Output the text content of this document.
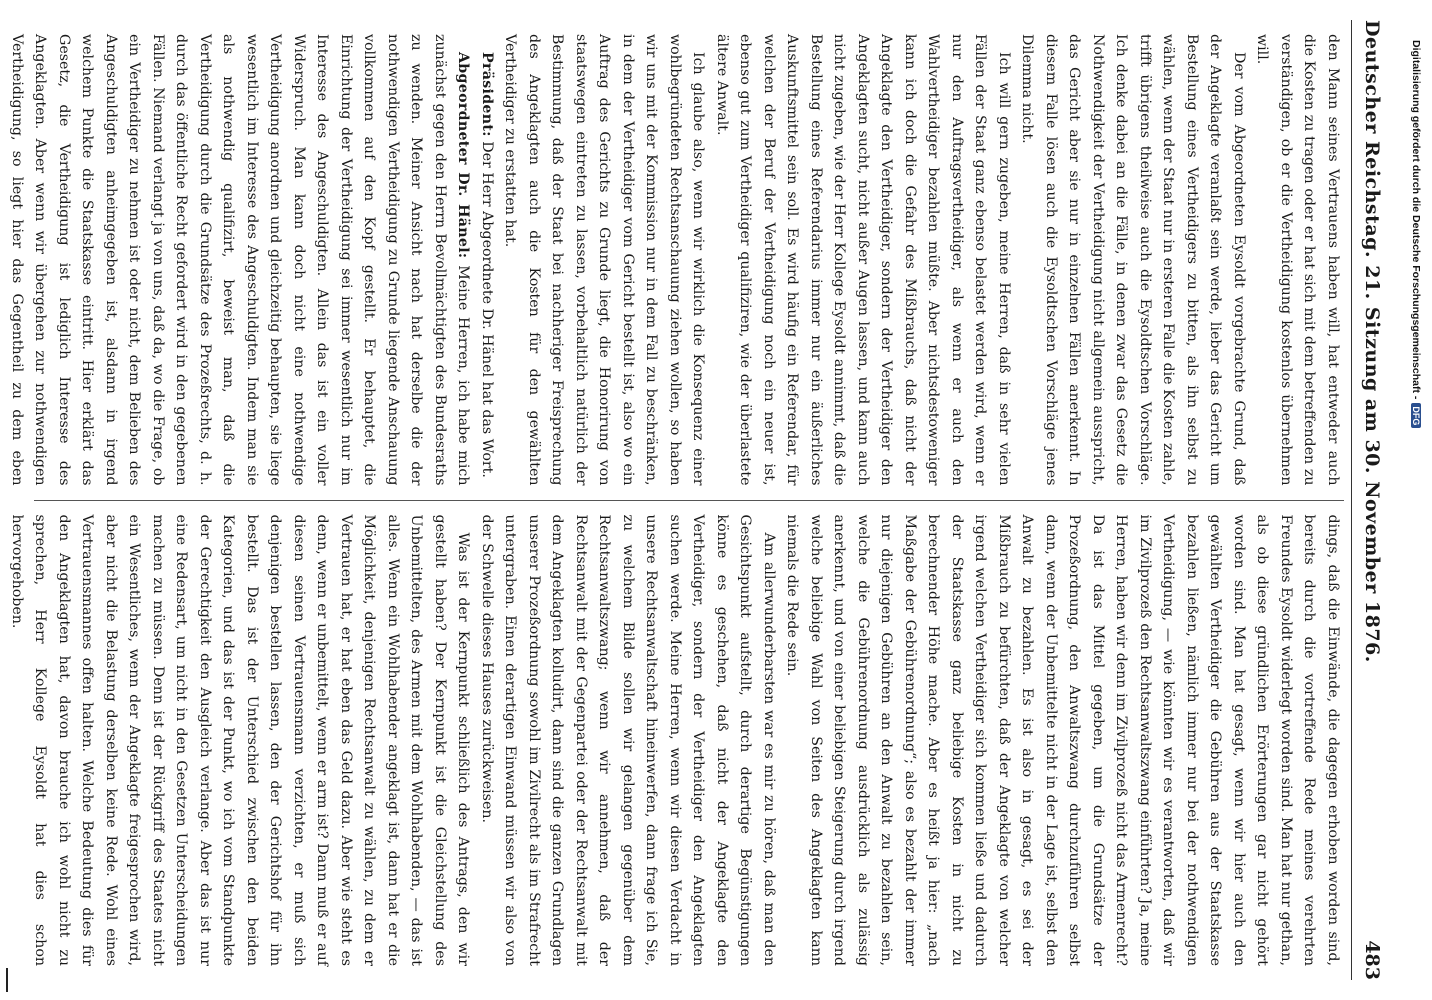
Deutscher Reichstag. 21. Sitzung am 30. November 1876.
483

den Mann seines Vertrauens haben will, hat entweder auch die Kosten zu tragen oder er hat sich mit dem betreffenden zu verständigen, ob er die Vertheidigung kostenlos übernehmen will.

Der vom Abgeordneten Eysoldt vorgebrachte Grund, daß der Angeklagte veranlaßt sein werde, lieber das Gericht um Bestellung eines Vertheidigers zu bitten, als ihn selbst zu wählen, wenn der Staat nur in ersteren Falle die Kosten zahle, trifft übrigens theilweise auch die Eysoldtschen Vorschläge. Ich denke dabei an die Fälle, in denen zwar das Gesetz die Nothwendigkeit der Vertheidigung nicht allgemein ausspricht, das Gericht aber sie nur in einzelnen Fällen anerkennt. In diesem Falle lösen auch die Eysoldtschen Vorschläge jenes Dilemma nicht.

Ich will gern zugeben, meine Herren, daß in sehr vielen Fällen der Staat ganz ebenso belastet werden wird, wenn er nur den Auftragsvertheidiger, als wenn er auch den Wahlvertheidiger bezahlen müßte. Aber nichtsdestoweniger kann ich doch die Gefahr des Mißbrauchs, daß nicht der Angeklagte den Vertheidiger, sondern der Vertheidiger den Angeklagten sucht, nicht außer Augen lassen, und kann auch nicht zugeben, wie der Herr Kollege Eysoldt annimmt, daß die Bestellung eines Referendarius immer nur ein äußerliches Auskunftsmittel sein soll. Es wird häufig ein Referendar, für welchen der Beruf der Vertheidigung noch ein neuer ist, ebenso gut zum Vertheidiger qualifiziren, wie der überlastete ältere Anwalt.

Ich glaube also, wenn wir wirklich die Konsequenz einer wohlbegründeten Rechtsanschauung ziehen wollen, so haben wir uns mit der Kommission nur in dem Fall zu beschränken, in dem der Vertheidiger vom Gericht bestellt ist, also wo ein Auftrag des Gerichts zu Grunde liegt, die Honorirung von staatswegen eintreten zu lassen, vorbehaltlich natürlich der Bestimmung, daß der Staat bei nachheriger Freisprechung des Angeklagten auch die Kosten für den gewählten Vertheidiger zu erstatten hat.

Präsident: Der Herr Abgeordnete Dr. Hänel hat das Wort.

Abgeordneter Dr. Hänel: Meine Herren, ich habe mich zunächst gegen den Herrn Bevollmächtigten des Bundesraths zu wenden. Meiner Ansicht nach hat derselbe die der nothwendigen Vertheidigung zu Grunde liegende Anschauung vollkommen auf den Kopf gestellt. Er behauptet, die Einrichtung der Vertheidigung sei immer wesentlich nur im Interesse des Angeschuldigten. Allein das ist ein voller Widerspruch. Man kann doch nicht eine nothwendige Vertheidigung anordnen und gleichzeitig behaupten, sie liege wesentlich im Interesse des Angeschuldigten. Indem man sie als nothwendig qualifizirt, beweist man, daß die Vertheidigung durch die Grundsätze des Prozeßrechts, d. h. durch das öffentliche Recht gefordert wird in den gegebenen Fällen. Niemand verlangt ja von uns, daß da, wo die Frage, ob ein Vertheidiger zu nehmen ist oder nicht, dem Belieben des Angeschuldigten anheimgegeben ist, alsdann in irgend welchem Punkte die Staatskasse eintritt. Hier erklärt das Gesetz, die Vertheidigung ist lediglich Interesse des Angeklagten. Aber wenn wir übergehen zur nothwendigen Vertheidigung, so liegt hier das Gegentheil zu dem eben

dings, daß die Einwände, die dagegen erhoben worden sind, bereits durch die vortreffende Rede meines verehrten Freundes Eysoldt widerlegt worden sind. Man hat nur gethan, als ob diese gründlichen Erörterungen gar nicht gehört worden sind. Man hat gesagt, wenn wir hier auch den gewählten Vertheidiger die Gebühren aus der Staatskasse bezahlen ließen, nämlich immer nur bei der nothwendigen Vertheidigung, — wie könnten wir es verantworten, daß wir im Zivilprozeß den Rechtsanwaltszwang einführten? Ja, meine Herren, haben wir denn im Zivilprozeß nicht das Armenrecht? Da ist das Mittel gegeben, um die Grundsätze der Prozeßordnung, den Anwaltszwang durchzuführen selbst dann, wenn der Unbemittelte nicht in der Lage ist, selbst den Anwalt zu bezahlen. Es ist also in gesagt, es sei der Mißbrauch zu befürchten, daß der Angeklagte von welcher irgend welchen Vertheidiger sich kommen ließe und dadurch der Staatskasse ganz beliebige Kosten in nicht zu berechnender Höhe mache. Aber es heißt ja hier: „nach Maßgabe der Gebührenordnung“; also es bezahlt der immer nur diejenigen Gebühren an den Anwalt zu bezahlen sein, welche die Gebührenordnung ausdrücklich als zulässig anerkennt, und von einer beliebigen Steigerung durch irgend welche beliebige Wahl von Seiten des Angeklagten kann niemals die Rede sein.

Am allerwunderbarsten war es mir zu hören, daß man den Gesichtspunkt aufstellt, durch derartige Begünstigungen könne es geschehen, daß nicht der Angeklagte den Vertheidiger, sondern der Vertheidiger den Angeklagten suchen werde. Meine Herren, wenn wir diesen Verdacht in unsere Rechtsanwaltschaft hineinwerfen, dann frage ich Sie, zu welchem Bilde sollen wir gelangen gegenüber dem Rechtsanwaltszwang; wenn wir annehmen, daß der Rechtsanwalt mit der Gegenpartei oder der Rechtsanwalt mit dem Angeklagten kolludirt, dann sind die ganzen Grundlagen unserer Prozeßordnung sowohl im Zivilrecht als im Strafrecht untergraben. Einen derartigen Einwand müssen wir also von der Schwelle dieses Hauses zurückweisen.

Was ist der Kernpunkt schließlich des Antrags, den wir gestellt haben? Der Kernpunkt ist die Gleichstellung des Unbemittelten, des Armen mit dem Wohlhabenden, — das ist alles. Wenn ein Wohlhabender angeklagt ist, dann hat er die Möglichkeit, denjenigen Rechtsanwalt zu wählen, zu dem er Vertrauen hat, er hat eben das Geld dazu. Aber wie steht es denn, wenn er unbemittelt, wenn er arm ist? Dann muß er auf diesen seinen Vertrauensmann verzichten, er muß sich denjenigen bestellen lassen, den der Gerichtshof für ihn bestellt. Das ist der Unterschied zwischen den beiden Kategorien, und das ist der Punkt, wo ich vom Standpunkte der Gerechtigkeit den Ausgleich verlange. Aber das ist nur eine Redensart, um nicht in den Gesetzen Unterscheidungen machen zu müssen. Denn ist der Rückgriff des Staates nicht ein Wesentliches, wenn der Angeklagte freigesprochen wird, aber nicht die Belastung derselben keine Rede. Wohl eines Vertrauensmannes offen halten. Welche Bedeutung dies für den Angeklagten hat, davon brauche ich wohl nicht zu sprechen, Herr Kollege Eysoldt hat dies schon hervorgehoben.

Digitalisierung gefördert durch die Deutsche Forschungsgemeinschaft -
DFG
